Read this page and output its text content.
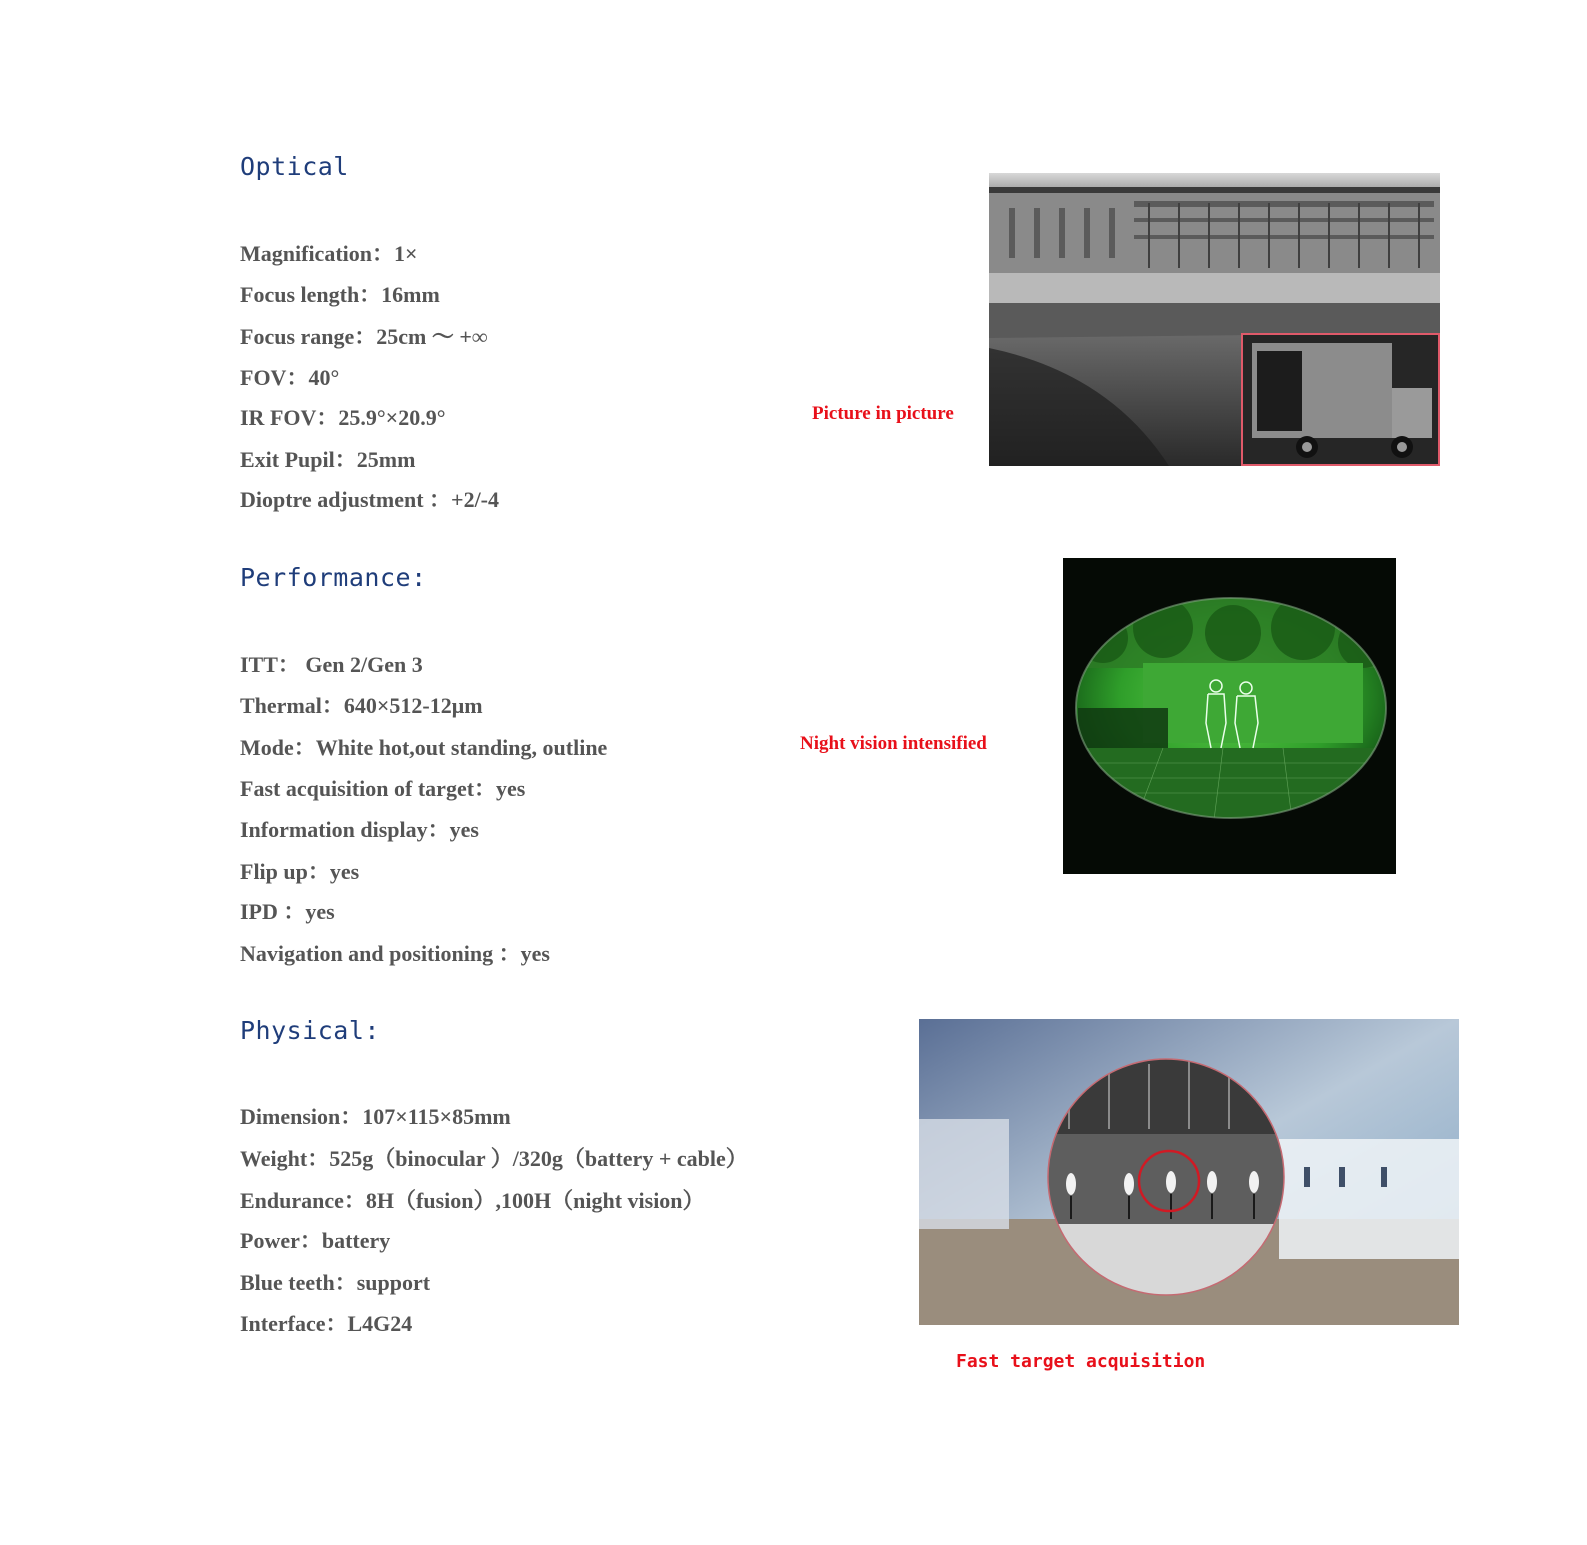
Optical

Magnification：1×

Focus length：16mm

Focus range：25cm ～ +∞

FOV：40°

IR FOV：25.9°×20.9°

Exit Pupil：25mm

Dioptre adjustment ：+2/-4

Picture in picture

Performance:

ITT： Gen 2/Gen 3

Thermal：640×512-12μm

Mode：White hot,out standing, outline

Fast acquisition of target：yes

Information display：yes

Flip up：yes

IPD ：yes

Navigation and positioning ：yes

Night vision intensified

Physical:

Dimension：107×115×85mm

Weight：525g（binocular ）/320g（battery + cable）

Endurance：8H（fusion）,100H（night vision）

Power：battery

Blue teeth：support

Interface：L4G24

Fast target acquisition
